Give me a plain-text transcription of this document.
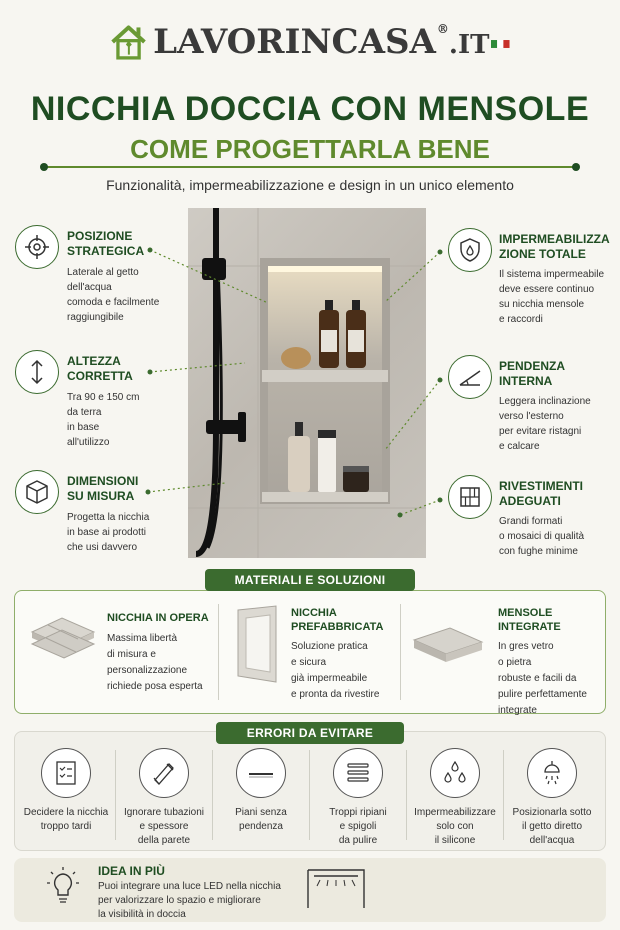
LAVORINCASA®.IT
NICCHIA DOCCIA CON MENSOLE
COME PROGETTARLA BENE
Funzionalità, impermeabilizzazione e design in un unico elemento
POSIZIONE
STRATEGICA
Laterale al getto
dell'acqua
comoda e facilmente
raggiungibile
ALTEZZA
CORRETTA
Tra 90 e 150 cm
da terra
in base
all'utilizzo
DIMENSIONI
SU MISURA
Progetta la nicchia
in base ai prodotti
che usi davvero
IMPERMEABILIZZA
ZIONE TOTALE
Il sistema impermeabile
deve essere continuo
su nicchia mensole
e raccordi
PENDENZA
INTERNA
Leggera inclinazione
verso l'esterno
per evitare ristagni
e calcare
RIVESTIMENTI
ADEGUATI
Grandi formati
o mosaici di qualità
con fughe minime
MATERIALI E SOLUZIONI
NICCHIA IN OPERA
Massima libertà
di misura e
personalizzazione
richiede posa esperta
NICCHIA
PREFABBRICATA
Soluzione pratica
e sicura
già impermeabile
e pronta da rivestire
MENSOLE
INTEGRATE
In gres vetro
o pietra
robuste e facili da
pulire perfettamente
integrate
ERRORI DA EVITARE
Decidere la nicchia
troppo tardi
Ignorare tubazioni
e spessore
della parete
Piani senza
pendenza
Troppi ripiani
e spigoli
da pulire
Impermeabilizzare
solo con
il silicone
Posizionarla sotto
il getto diretto
dell'acqua
IDEA IN PIÙ
Puoi integrare una luce LED nella nicchia
per valorizzare lo spazio e migliorare
la visibilità in doccia
